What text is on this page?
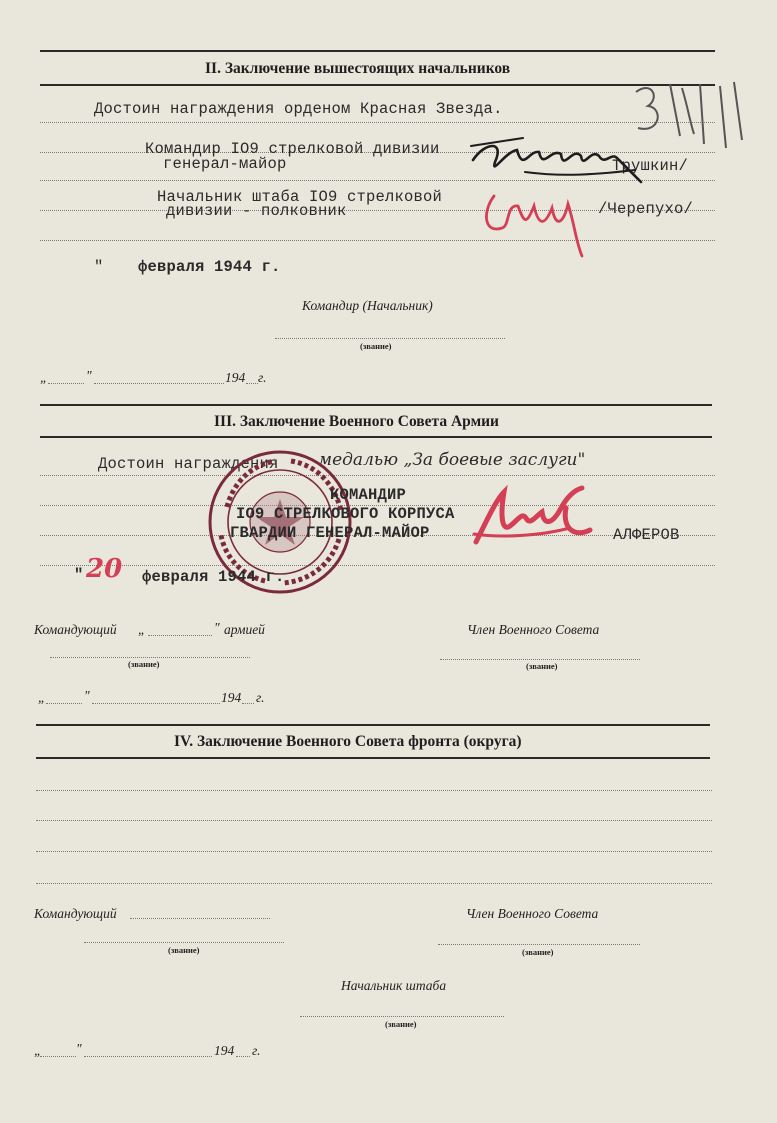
II. Заключение вышестоящих начальников
Достоин награждения орденом Красная Звезда.
Командир IO9 стрелковой дивизии
генерал-майор	Трушкин/
Начальник штаба IO9 стрелковой
дивизии - полковник	/Черепухо/
" февраля 1944 г.
Командир (Начальник)
(звание)
„	"	194 г.
III. Заключение Военного Совета Армии
Достоин награждения медалью „За боевые заслуги"
КОМАНДИР
IO9 СТРЕЛКОВОГО КОРПУСА
ГВАРДИИ ГЕНЕРАЛ-МАЙОР	АЛФЕРОВ
" 20 февраля 1944 г.
Командующий „	" армией	Член Военного Совета
(звание)	(звание)
„	"	194 г.
IV. Заключение Военного Совета фронта (округа)
Командующий	Член Военного Совета
(звание)	(звание)
Начальник штаба
(звание)
„	"	194 г.
